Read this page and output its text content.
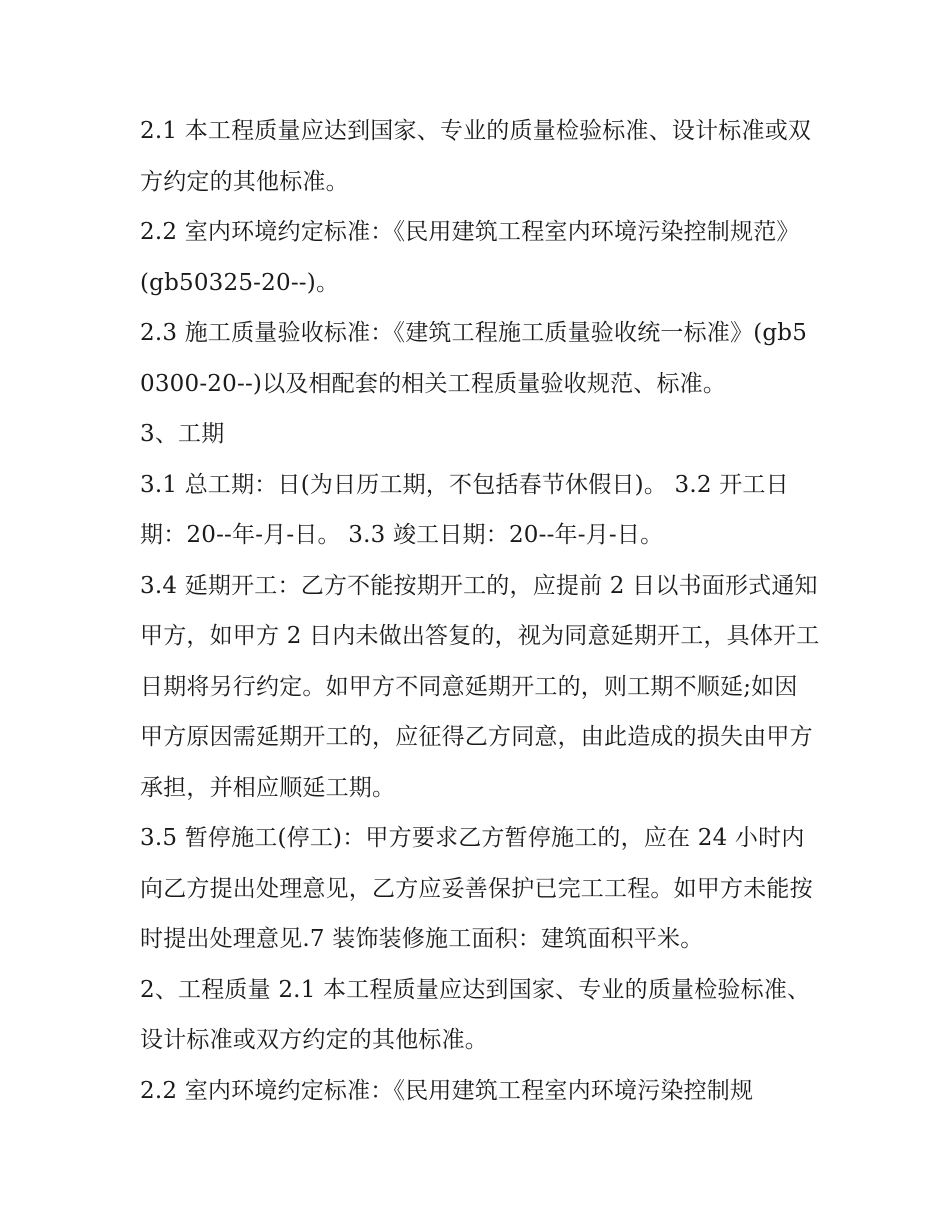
2.1 本工程质量应达到国家、专业的质量检验标准、设计标准或双方约定的其他标准。

2.2 室内环境约定标准：《民用建筑工程室内环境污染控制规范》(gb50325-20--)。

2.3 施工质量验收标准：《建筑工程施工质量验收统一标准》(gb50300-20--)以及相配套的相关工程质量验收规范、标准。

3、工期

3.1 总工期：日(为日历工期，不包括春节休假日)。 3.2 开工日期：20--年-月-日。 3.3 竣工日期：20--年-月-日。

3.4 延期开工：乙方不能按期开工的，应提前 2 日以书面形式通知甲方，如甲方 2 日内未做出答复的，视为同意延期开工，具体开工日期将另行约定。如甲方不同意延期开工的，则工期不顺延;如因甲方原因需延期开工的，应征得乙方同意，由此造成的损失由甲方承担，并相应顺延工期。

3.5 暂停施工(停工)：甲方要求乙方暂停施工的，应在 24 小时内向乙方提出处理意见，乙方应妥善保护已完工工程。如甲方未能按时提出处理意见.7 装饰装修施工面积：建筑面积平米。

2、工程质量 2.1 本工程质量应达到国家、专业的质量检验标准、设计标准或双方约定的其他标准。

2.2 室内环境约定标准：《民用建筑工程室内环境污染控制规
